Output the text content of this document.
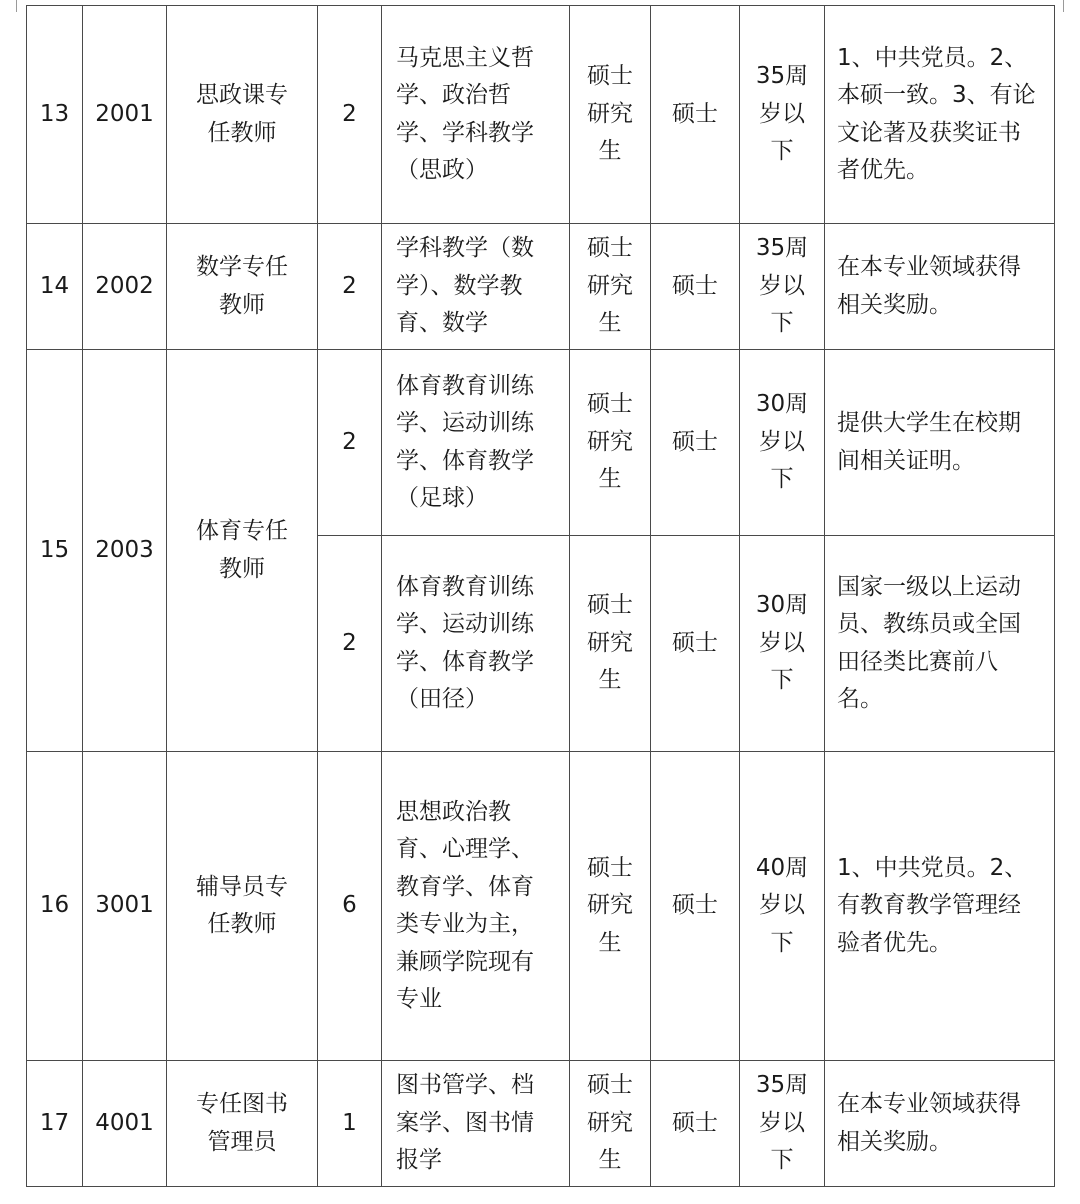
13	2001	思政课专任教师	2	马克思主义哲学、政治哲学、学科教学（思政）	硕士研究生	硕士	35周岁以下	1、中共党员。2、本硕一致。3、有论文论著及获奖证书者优先。
14	2002	数学专任教师	2	学科教学（数学）、数学教育、数学	硕士研究生	硕士	35周岁以下	在本专业领域获得相关奖励。
15	2003	体育专任教师	2	体育教育训练学、运动训练学、体育教学（足球）	硕士研究生	硕士	30周岁以下	提供大学生在校期间相关证明。
			2	体育教育训练学、运动训练学、体育教学（田径）	硕士研究生	硕士	30周岁以下	国家一级以上运动员、教练员或全国田径类比赛前八名。
16	3001	辅导员专任教师	6	思想政治教育、心理学、教育学、体育类专业为主，兼顾学院现有专业	硕士研究生	硕士	40周岁以下	1、中共党员。2、有教育教学管理经验者优先。
17	4001	专任图书管理员	1	图书管学、档案学、图书情报学	硕士研究生	硕士	35周岁以下	在本专业领域获得相关奖励。
